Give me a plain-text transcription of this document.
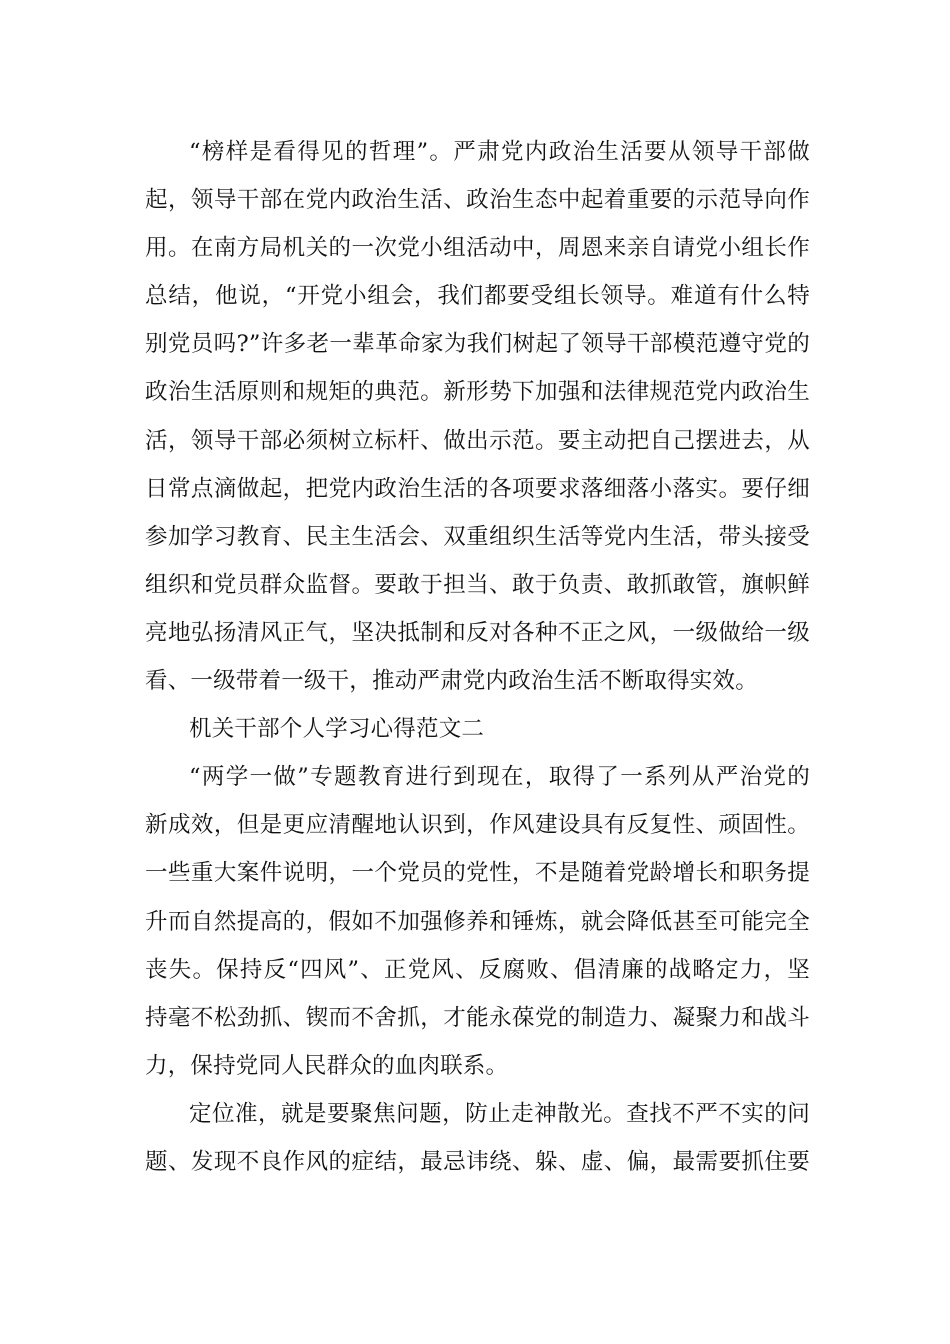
“榜样是看得见的哲理”。严肃党内政治生活要从领导干部做
起，领导干部在党内政治生活、政治生态中起着重要的示范导向作
用。在南方局机关的一次党小组活动中，周恩来亲自请党小组长作
总结，他说，“开党小组会，我们都要受组长领导。难道有什么特
别党员吗?”许多老一辈革命家为我们树起了领导干部模范遵守党的
政治生活原则和规矩的典范。新形势下加强和法律规范党内政治生
活，领导干部必须树立标杆、做出示范。要主动把自己摆进去，从
日常点滴做起，把党内政治生活的各项要求落细落小落实。要仔细
参加学习教育、民主生活会、双重组织生活等党内生活，带头接受
组织和党员群众监督。要敢于担当、敢于负责、敢抓敢管，旗帜鲜
亮地弘扬清风正气，坚决抵制和反对各种不正之风，一级做给一级
看、一级带着一级干，推动严肃党内政治生活不断取得实效。
机关干部个人学习心得范文二
“两学一做”专题教育进行到现在，取得了一系列从严治党的
新成效，但是更应清醒地认识到，作风建设具有反复性、顽固性。
一些重大案件说明，一个党员的党性，不是随着党龄增长和职务提
升而自然提高的，假如不加强修养和锤炼，就会降低甚至可能完全
丧失。保持反“四风”、正党风、反腐败、倡清廉的战略定力，坚
持毫不松劲抓、锲而不舍抓，才能永葆党的制造力、凝聚力和战斗
力，保持党同人民群众的血肉联系。
定位准，就是要聚焦问题，防止走神散光。查找不严不实的问
题、发现不良作风的症结，最忌讳绕、躲、虚、偏，最需要抓住要
